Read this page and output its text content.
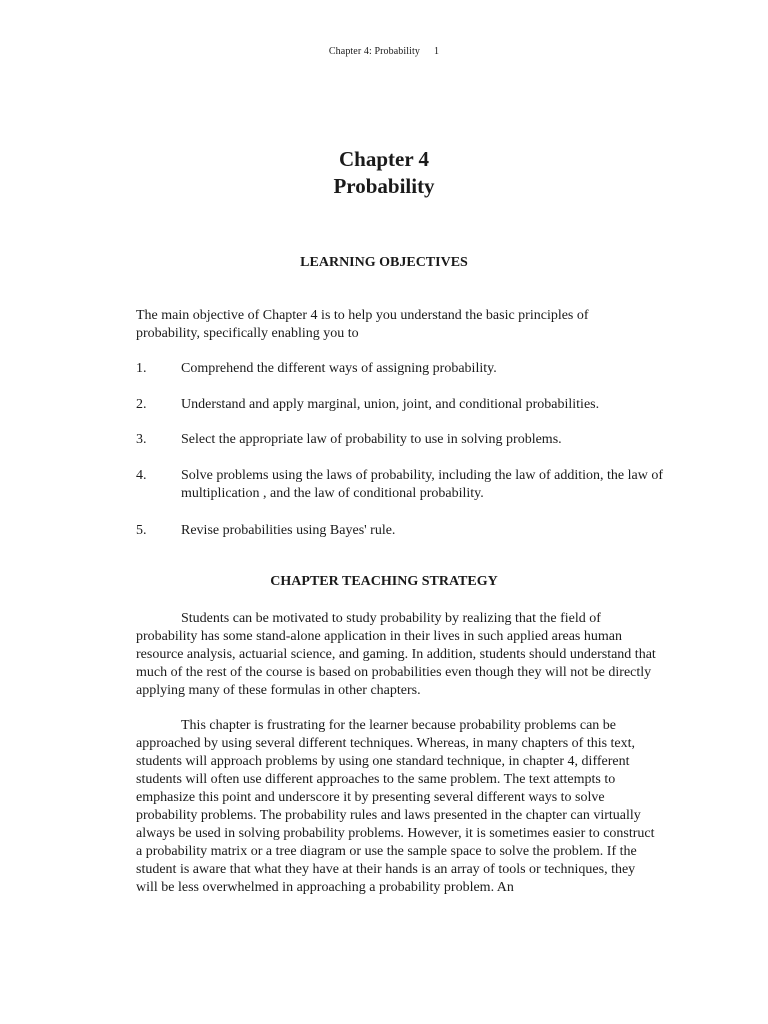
Chapter 4: Probability 1
Chapter 4
Probability
LEARNING OBJECTIVES

The main objective of Chapter 4 is to help you understand the basic principles of probability, specifically enabling you to

1.	Comprehend the different ways of assigning probability.
2.	Understand and apply marginal, union, joint, and conditional probabilities.
3.	Select the appropriate law of probability to use in solving problems.
4.	Solve problems using the laws of probability, including the law of addition, the law of multiplication , and the law of conditional probability.
5.	Revise probabilities using Bayes' rule.
CHAPTER TEACHING STRATEGY

Students can be motivated to study probability by realizing that the field of probability has some stand-alone application in their lives in such applied areas human resource analysis, actuarial science, and gaming. In addition, students should understand that much of the rest of the course is based on probabilities even though they will not be directly applying many of these formulas in other chapters.

This chapter is frustrating for the learner because probability problems can be approached by using several different techniques. Whereas, in many chapters of this text, students will approach problems by using one standard technique, in chapter 4, different students will often use different approaches to the same problem. The text attempts to emphasize this point and underscore it by presenting several different ways to solve probability problems. The probability rules and laws presented in the chapter can virtually always be used in solving probability problems. However, it is sometimes easier to construct a probability matrix or a tree diagram or use the sample space to solve the problem. If the student is aware that what they have at their hands is an array of tools or techniques, they will be less overwhelmed in approaching a probability problem. An
